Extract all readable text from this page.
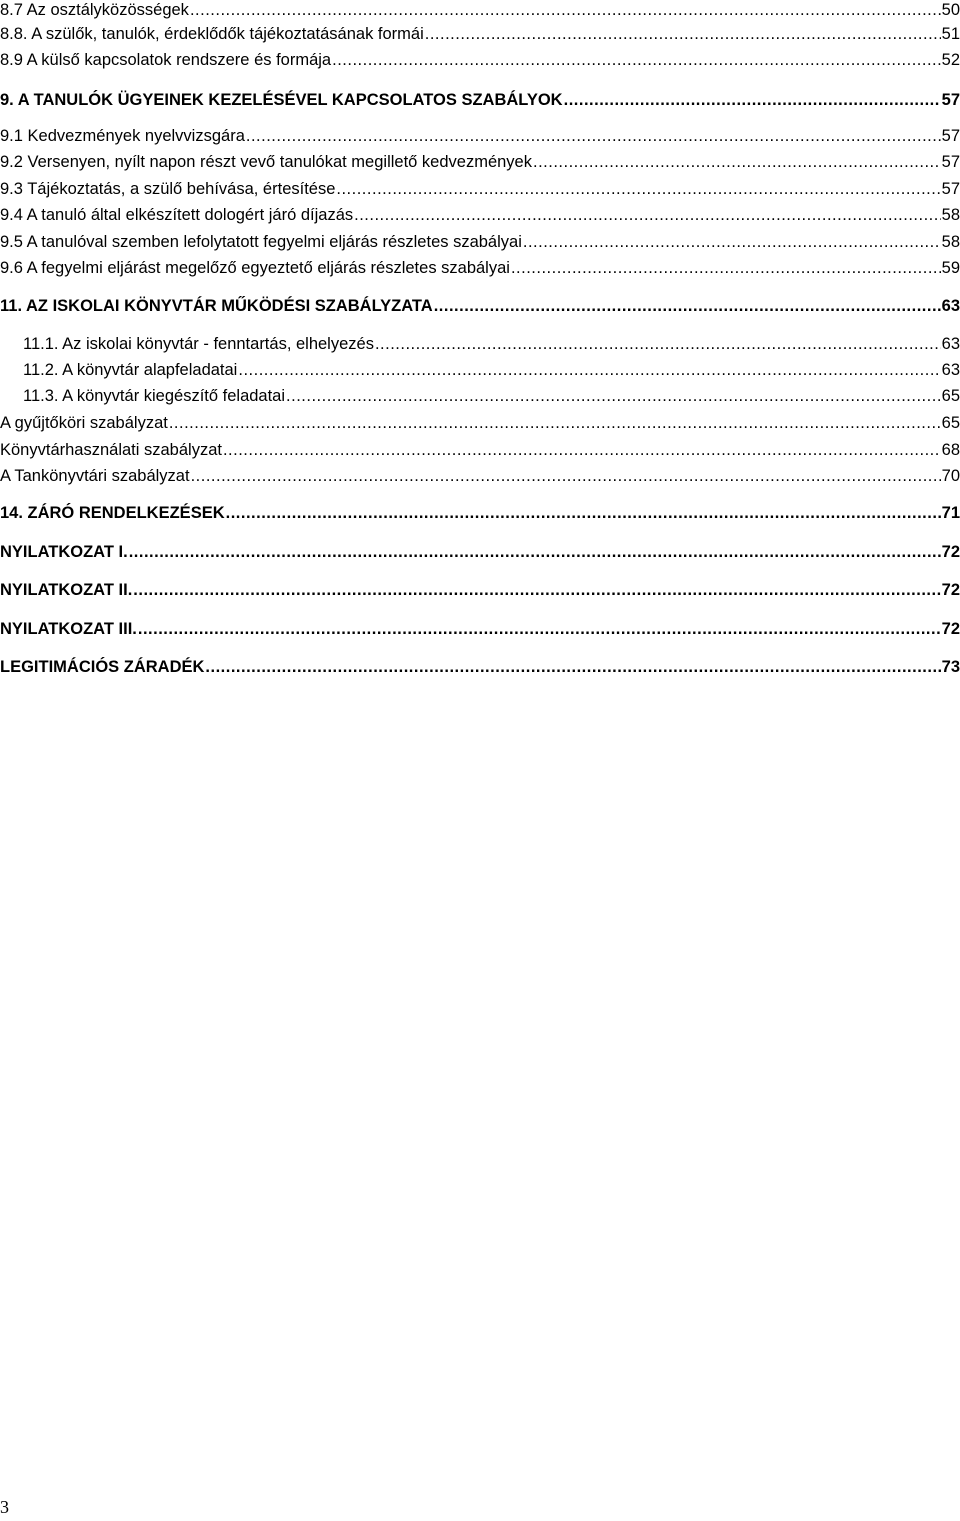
8.7 Az osztályközösségek .....	50
8.8. A szülők, tanulók, érdeklődők tájékoztatásának formái .....	51
8.9 A külső kapcsolatok rendszere és formája .....	52
9. A TANULÓK ÜGYEINEK KEZELÉSÉVEL KAPCSOLATOS SZABÁLYOK .....	57
9.1 Kedvezmények nyelvvizsgára .....	57
9.2 Versenyen, nyílt napon részt vevő tanulókat megillető kedvezmények .....	57
9.3 Tájékoztatás, a szülő behívása, értesítése .....	57
9.4 A tanuló által elkészített dologért járó díjazás .....	58
9.5 A tanulóval szemben lefolytatott fegyelmi eljárás részletes szabályai .....	58
9.6 A fegyelmi eljárást megelőző egyeztető eljárás részletes szabályai .....	59
11. AZ ISKOLAI KÖNYVTÁR MŰKÖDÉSI SZABÁLYZATA .....	63
11.1. Az iskolai könyvtár - fenntartás, elhelyezés .....	63
11.2. A könyvtár alapfeladatai .....	63
11.3. A könyvtár kiegészítő feladatai .....	65
A gyűjtőköri szabályzat .....	65
Könyvtárhasználati szabályzat .....	68
A Tankönyvtári szabályzat .....	70
14. ZÁRÓ RENDELKEZÉSEK .....	71
NYILATKOZAT I. .....	72
NYILATKOZAT II. .....	72
NYILATKOZAT III. .....	72
LEGITIMÁCIÓS ZÁRADÉK .....	73
3
